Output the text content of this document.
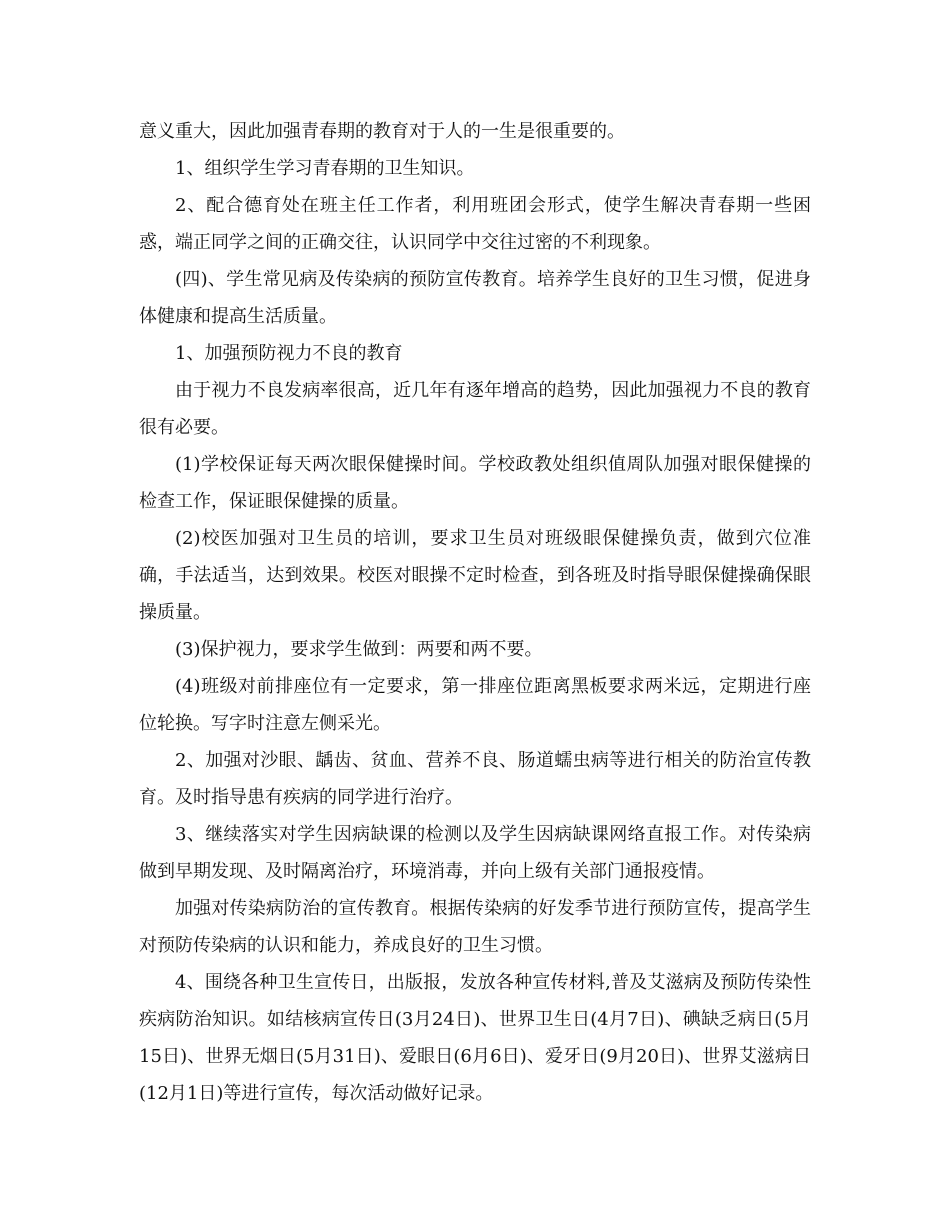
意义重大，因此加强青春期的教育对于人的一生是很重要的。

1、组织学生学习青春期的卫生知识。

2、配合德育处在班主任工作者，利用班团会形式，使学生解决青春期一些困惑，端正同学之间的正确交往，认识同学中交往过密的不利现象。

(四)、学生常见病及传染病的预防宣传教育。培养学生良好的卫生习惯，促进身体健康和提高生活质量。

1、加强预防视力不良的教育

由于视力不良发病率很高，近几年有逐年增高的趋势，因此加强视力不良的教育很有必要。

(1)学校保证每天两次眼保健操时间。学校政教处组织值周队加强对眼保健操的检查工作，保证眼保健操的质量。

(2)校医加强对卫生员的培训，要求卫生员对班级眼保健操负责，做到穴位准确，手法适当，达到效果。校医对眼操不定时检查，到各班及时指导眼保健操确保眼操质量。

(3)保护视力，要求学生做到：两要和两不要。

(4)班级对前排座位有一定要求，第一排座位距离黑板要求两米远，定期进行座位轮换。写字时注意左侧采光。

2、加强对沙眼、龋齿、贫血、营养不良、肠道蠕虫病等进行相关的防治宣传教育。及时指导患有疾病的同学进行治疗。

3、继续落实对学生因病缺课的检测以及学生因病缺课网络直报工作。对传染病做到早期发现、及时隔离治疗，环境消毒，并向上级有关部门通报疫情。

加强对传染病防治的宣传教育。根据传染病的好发季节进行预防宣传，提高学生对预防传染病的认识和能力，养成良好的卫生习惯。

4、围绕各种卫生宣传日，出版报，发放各种宣传材料,普及艾滋病及预防传染性疾病防治知识。如结核病宣传日(3月24日)、世界卫生日(4月7日)、碘缺乏病日(5月15日)、世界无烟日(5月31日)、爱眼日(6月6日)、爱牙日(9月20日)、世界艾滋病日(12月1日)等进行宣传，每次活动做好记录。
